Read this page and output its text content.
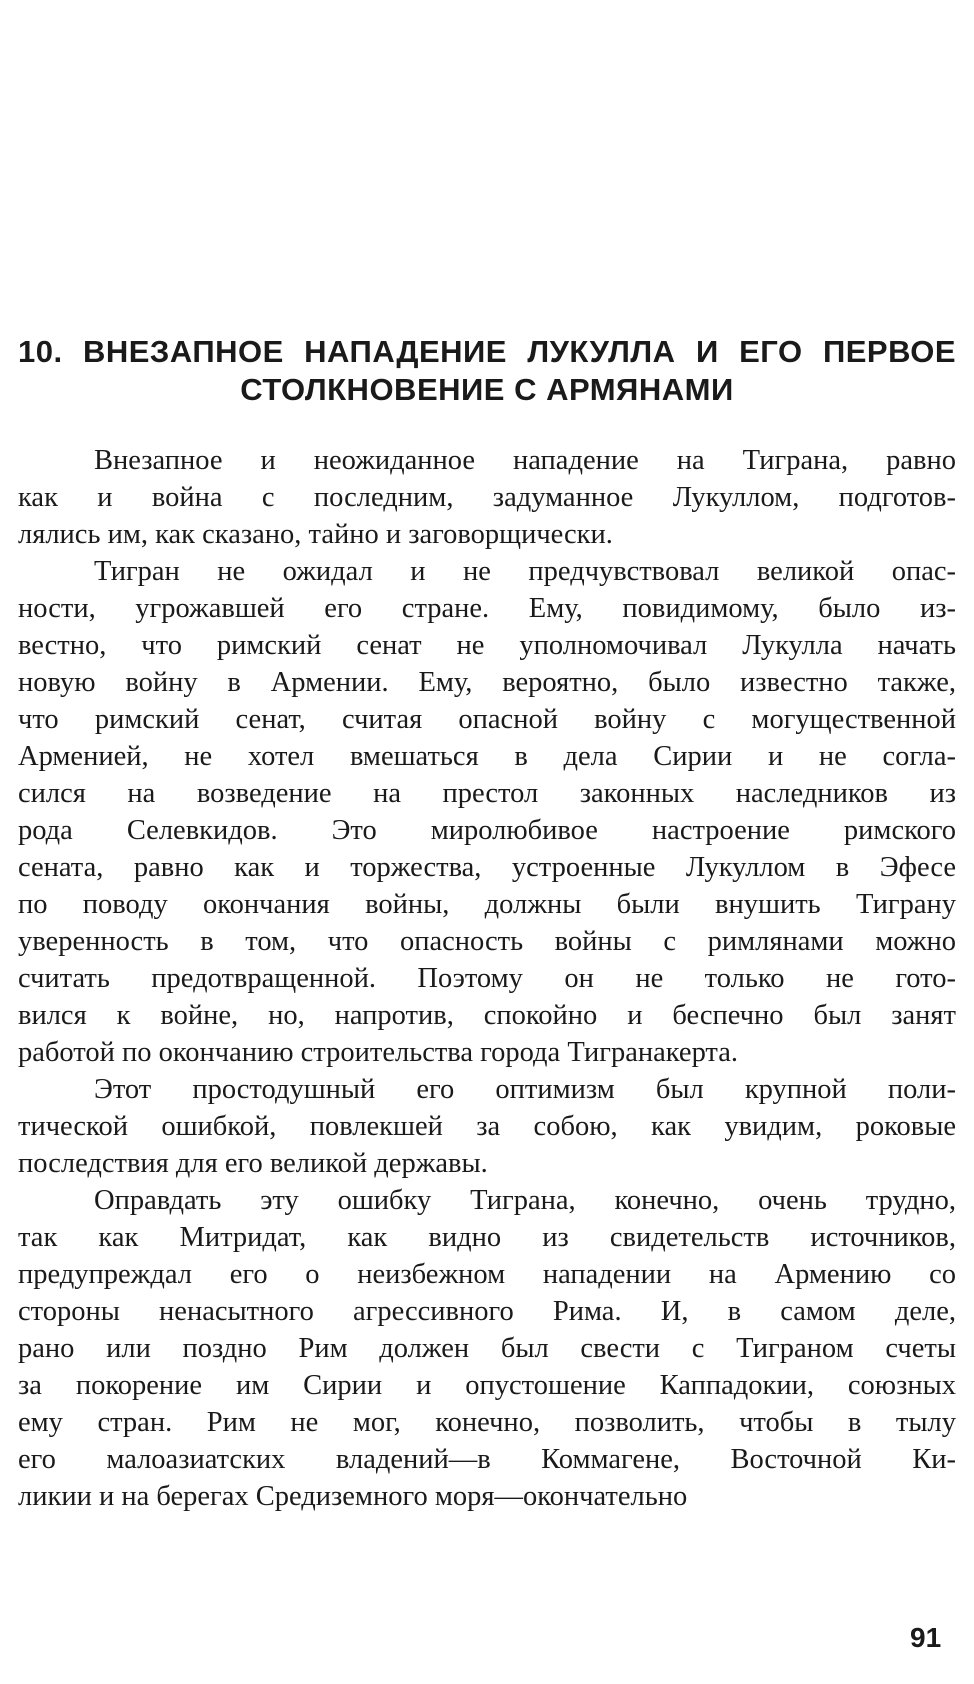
10. ВНЕЗАПНОЕ НАПАДЕНИЕ ЛУКУЛЛА И ЕГО ПЕРВОЕ
СТОЛКНОВЕНИЕ С АРМЯНАМИ
Внезапное и неожиданное нападение на Тиграна, равно
как и война с последним, задуманное Лукуллом, подготов-
лялись им, как сказано, тайно и заговорщически.
Тигран не ожидал и не предчувствовал великой опас-
ности, угрожавшей его стране. Ему, повидимому, было из-
вестно, что римский сенат не уполномочивал Лукулла начать
новую войну в Армении. Ему, вероятно, было известно также,
что римский сенат, считая опасной войну с могущественной
Арменией, не хотел вмешаться в дела Сирии и не согла-
сился на возведение на престол законных наследников из
рода Селевкидов. Это миролюбивое настроение римского
сената, равно как и торжества, устроенные Лукуллом в Эфесе
по поводу окончания войны, должны были внушить Тиграну
уверенность в том, что опасность войны с римлянами можно
считать предотвращенной. Поэтому он не только не гото-
вился к войне, но, напротив, спокойно и беспечно был занят
работой по окончанию строительства города Тигранакерта.
Этот простодушный его оптимизм был крупной поли-
тической ошибкой, повлекшей за собою, как увидим, роковые
последствия для его великой державы.
Оправдать эту ошибку Тиграна, конечно, очень трудно,
так как Митридат, как видно из свидетельств источников,
предупреждал его о неизбежном нападении на Армению со
стороны ненасытного агрессивного Рима. И, в самом деле,
рано или поздно Рим должен был свести с Тиграном счеты
за покорение им Сирии и опустошение Каппадокии, союзных
ему стран. Рим не мог, конечно, позволить, чтобы в тылу
его малоазиатских владений—в Коммагене, Восточной Ки-
ликии и на берегах Средиземного моря—окончательно
91
